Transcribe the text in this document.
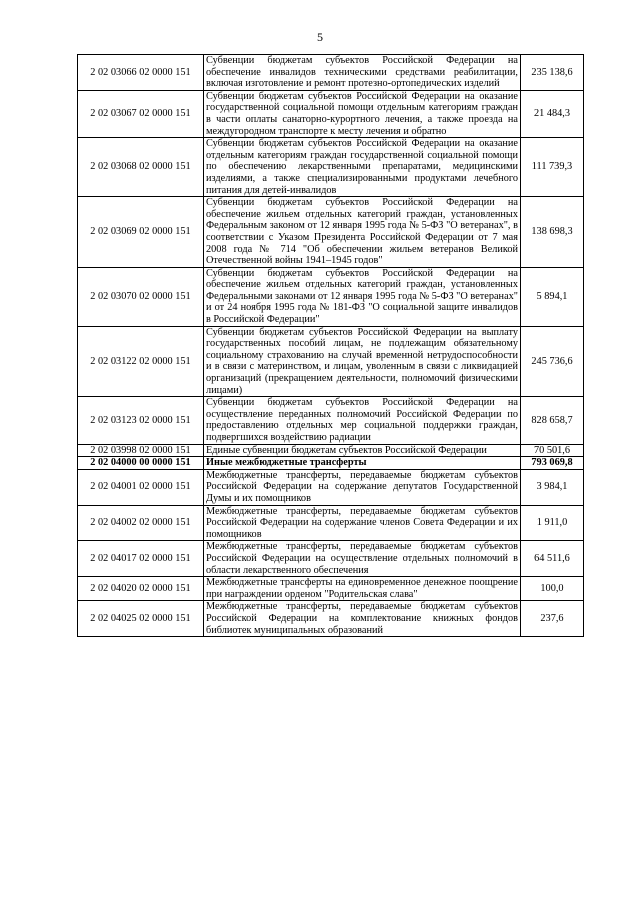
5
2 02 03066 02 0000 151	Субвенции бюджетам субъектов Российской Федерации на обеспечение инвалидов техническими средствами реабилитации, включая изготовление и ремонт протезно-ортопедических изделий	235 138,6
2 02 03067 02 0000 151	Субвенции бюджетам субъектов Российской Федерации на оказание государственной социальной помощи отдельным категориям граждан в части оплаты санаторно-курортного лечения, а также проезда на междугородном транспорте к месту лечения и обратно	21 484,3
2 02 03068 02 0000 151	Субвенции бюджетам субъектов Российской Федерации на оказание отдельным категориям граждан государственной социальной помощи по обеспечению лекарственными препаратами, медицинскими изделиями, а также специализированными продуктами лечебного питания для детей-инвалидов	111 739,3
2 02 03069 02 0000 151	Субвенции бюджетам субъектов Российской Федерации на обеспечение жильем отдельных категорий граждан, установленных Федеральным законом от 12 января 1995 года № 5-ФЗ "О ветеранах", в соответствии с Указом Президента Российской Федерации от 7 мая 2008 года № 714 "Об обеспечении жильем ветеранов Великой Отечественной войны 1941–1945 годов"	138 698,3
2 02 03070 02 0000 151	Субвенции бюджетам субъектов Российской Федерации на обеспечение жильем отдельных категорий граждан, установленных Федеральными законами от 12 января 1995 года № 5-ФЗ "О ветеранах" и от 24 ноября 1995 года № 181-ФЗ "О социальной защите инвалидов в Российской Федерации"	5 894,1
2 02 03122 02 0000 151	Субвенции бюджетам субъектов Российской Федерации на выплату государственных пособий лицам, не подлежащим обязательному социальному страхованию на случай временной нетрудоспособности и в связи с материнством, и лицам, уволенным в связи с ликвидацией организаций (прекращением деятельности, полномочий физическими лицами)	245 736,6
2 02 03123 02 0000 151	Субвенции бюджетам субъектов Российской Федерации на осуществление переданных полномочий Российской Федерации по предоставлению отдельных мер социальной поддержки граждан, подвергшихся воздействию радиации	828 658,7
2 02 03998 02 0000 151	Единые субвенции бюджетам субъектов Российской Федерации	70 501,6
2 02 04000 00 0000 151	Иные межбюджетные трансферты	793 069,8
2 02 04001 02 0000 151	Межбюджетные трансферты, передаваемые бюджетам субъектов Российской Федерации на содержание депутатов Государственной Думы и их помощников	3 984,1
2 02 04002 02 0000 151	Межбюджетные трансферты, передаваемые бюджетам субъектов Российской Федерации на содержание членов Совета Федерации и их помощников	1 911,0
2 02 04017 02 0000 151	Межбюджетные трансферты, передаваемые бюджетам субъектов Российской Федерации на осуществление отдельных полномочий в области лекарственного обеспечения	64 511,6
2 02 04020 02 0000 151	Межбюджетные трансферты на единовременное денежное поощрение при награждении орденом "Родительская слава"	100,0
2 02 04025 02 0000 151	Межбюджетные трансферты, передаваемые бюджетам субъектов Российской Федерации на комплектование книжных фондов библиотек муниципальных образований	237,6
